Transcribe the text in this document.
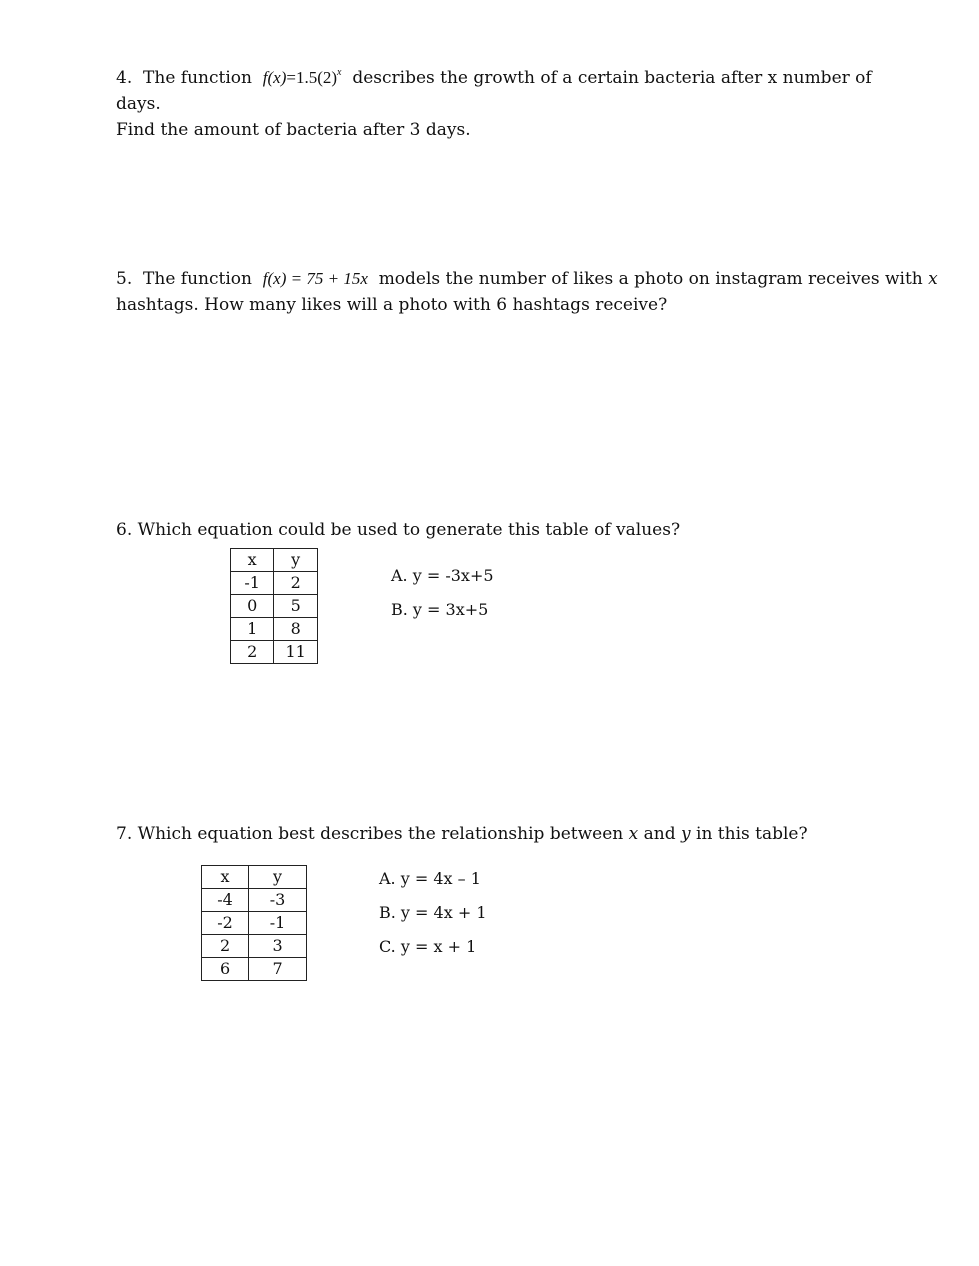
4. The function $f(x)=1.5(2)^x$ describes the growth of a certain bacteria after x number of days.
Find the amount of bacteria after 3 days.
5. The function f(x) = 75 + 15x models the number of likes a photo on instagram receives with x
hashtags. How many likes will a photo with 6 hashtags receive?
6. Which equation could be used to generate this table of values?
x	y
-1	2
0	5
1	8
2	11
A. y = -3x+5
B. y = 3x+5
7. Which equation best describes the relationship between x and y in this table?
x	y
-4	-3
-2	-1
2	3
6	7
A. y = 4x – 1
B. y = 4x + 1
C. y = x + 1
